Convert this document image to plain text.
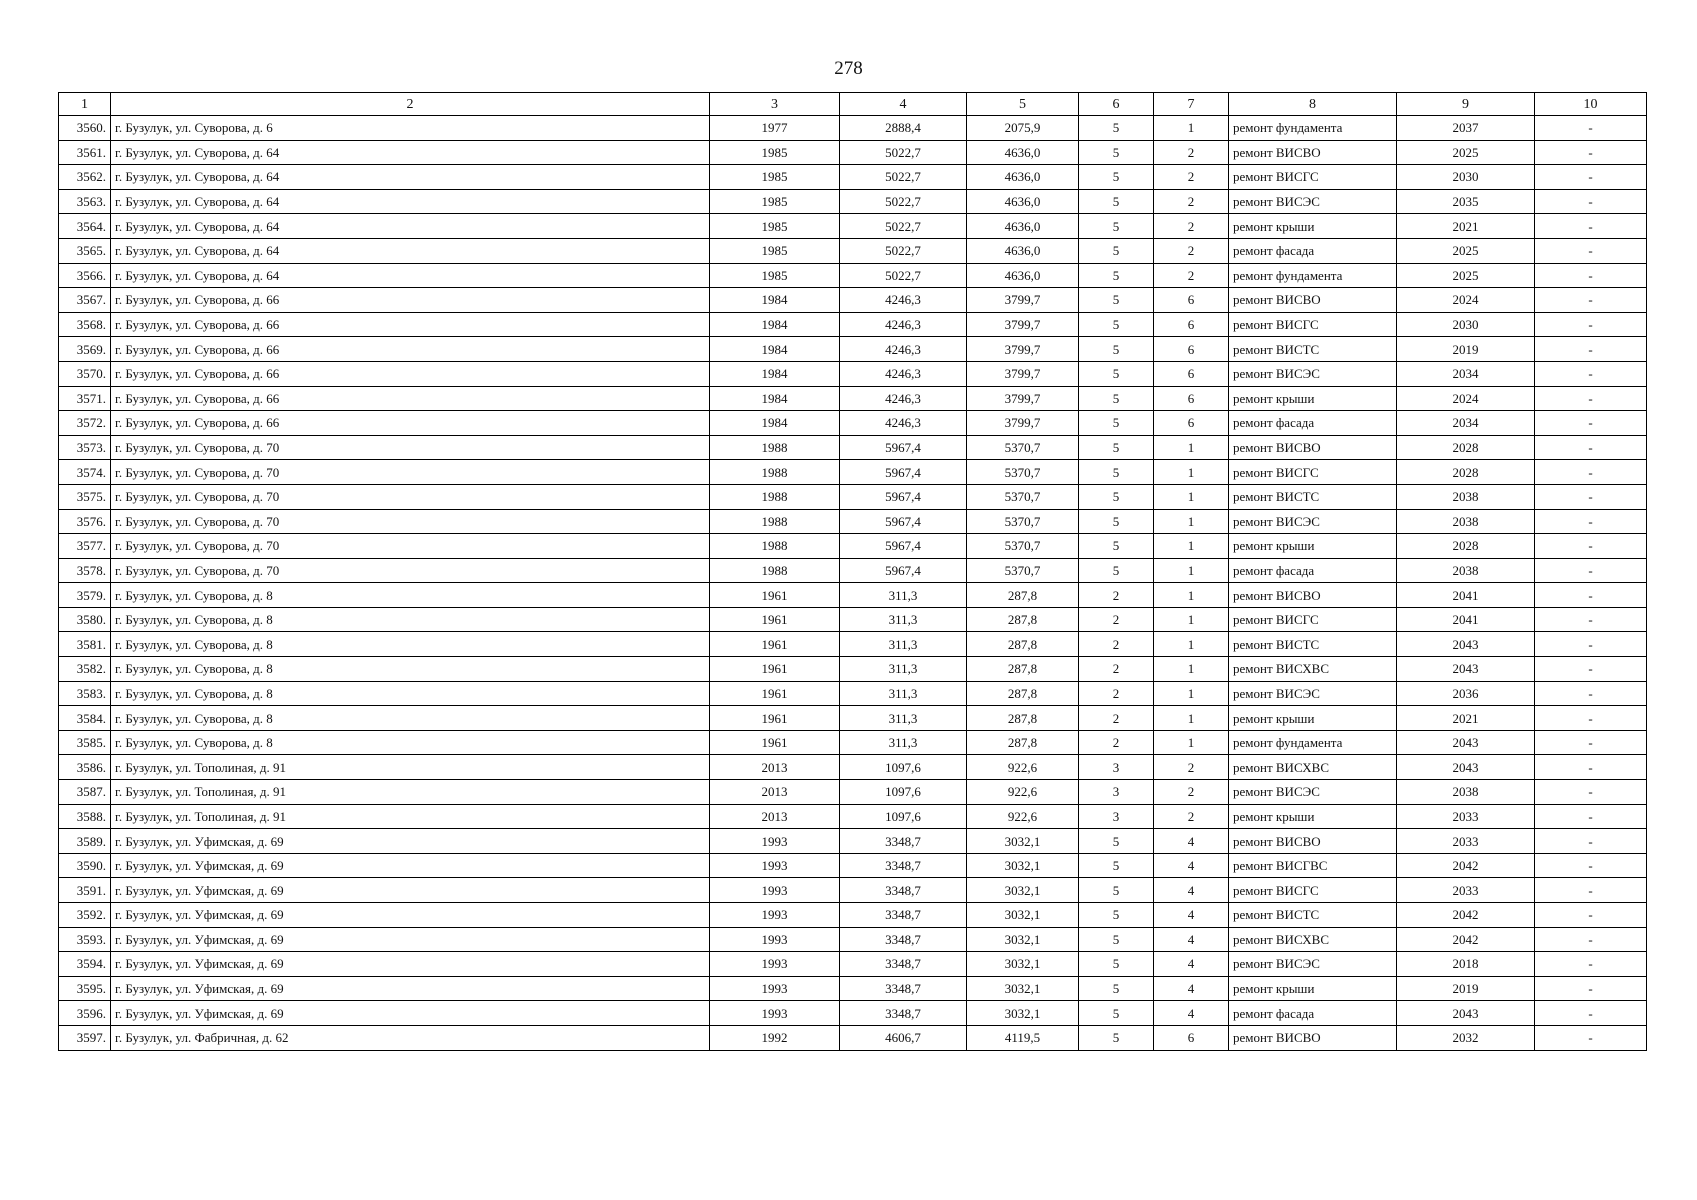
278
1	2	3	4	5	6	7	8	9	10
3560.	г. Бузулук, ул. Суворова, д. 6	1977	2888,4	2075,9	5	1	ремонт фундамента	2037	-
3561.	г. Бузулук, ул. Суворова, д. 64	1985	5022,7	4636,0	5	2	ремонт ВИСВО	2025	-
3562.	г. Бузулук, ул. Суворова, д. 64	1985	5022,7	4636,0	5	2	ремонт ВИСГС	2030	-
3563.	г. Бузулук, ул. Суворова, д. 64	1985	5022,7	4636,0	5	2	ремонт ВИСЭС	2035	-
3564.	г. Бузулук, ул. Суворова, д. 64	1985	5022,7	4636,0	5	2	ремонт крыши	2021	-
3565.	г. Бузулук, ул. Суворова, д. 64	1985	5022,7	4636,0	5	2	ремонт фасада	2025	-
3566.	г. Бузулук, ул. Суворова, д. 64	1985	5022,7	4636,0	5	2	ремонт фундамента	2025	-
3567.	г. Бузулук, ул. Суворова, д. 66	1984	4246,3	3799,7	5	6	ремонт ВИСВО	2024	-
3568.	г. Бузулук, ул. Суворова, д. 66	1984	4246,3	3799,7	5	6	ремонт ВИСГС	2030	-
3569.	г. Бузулук, ул. Суворова, д. 66	1984	4246,3	3799,7	5	6	ремонт ВИСТС	2019	-
3570.	г. Бузулук, ул. Суворова, д. 66	1984	4246,3	3799,7	5	6	ремонт ВИСЭС	2034	-
3571.	г. Бузулук, ул. Суворова, д. 66	1984	4246,3	3799,7	5	6	ремонт крыши	2024	-
3572.	г. Бузулук, ул. Суворова, д. 66	1984	4246,3	3799,7	5	6	ремонт фасада	2034	-
3573.	г. Бузулук, ул. Суворова, д. 70	1988	5967,4	5370,7	5	1	ремонт ВИСВО	2028	-
3574.	г. Бузулук, ул. Суворова, д. 70	1988	5967,4	5370,7	5	1	ремонт ВИСГС	2028	-
3575.	г. Бузулук, ул. Суворова, д. 70	1988	5967,4	5370,7	5	1	ремонт ВИСТС	2038	-
3576.	г. Бузулук, ул. Суворова, д. 70	1988	5967,4	5370,7	5	1	ремонт ВИСЭС	2038	-
3577.	г. Бузулук, ул. Суворова, д. 70	1988	5967,4	5370,7	5	1	ремонт крыши	2028	-
3578.	г. Бузулук, ул. Суворова, д. 70	1988	5967,4	5370,7	5	1	ремонт фасада	2038	-
3579.	г. Бузулук, ул. Суворова, д. 8	1961	311,3	287,8	2	1	ремонт ВИСВО	2041	-
3580.	г. Бузулук, ул. Суворова, д. 8	1961	311,3	287,8	2	1	ремонт ВИСГС	2041	-
3581.	г. Бузулук, ул. Суворова, д. 8	1961	311,3	287,8	2	1	ремонт ВИСТС	2043	-
3582.	г. Бузулук, ул. Суворова, д. 8	1961	311,3	287,8	2	1	ремонт ВИСХВС	2043	-
3583.	г. Бузулук, ул. Суворова, д. 8	1961	311,3	287,8	2	1	ремонт ВИСЭС	2036	-
3584.	г. Бузулук, ул. Суворова, д. 8	1961	311,3	287,8	2	1	ремонт крыши	2021	-
3585.	г. Бузулук, ул. Суворова, д. 8	1961	311,3	287,8	2	1	ремонт фундамента	2043	-
3586.	г. Бузулук, ул. Тополиная, д. 91	2013	1097,6	922,6	3	2	ремонт ВИСХВС	2043	-
3587.	г. Бузулук, ул. Тополиная, д. 91	2013	1097,6	922,6	3	2	ремонт ВИСЭС	2038	-
3588.	г. Бузулук, ул. Тополиная, д. 91	2013	1097,6	922,6	3	2	ремонт крыши	2033	-
3589.	г. Бузулук, ул. Уфимская, д. 69	1993	3348,7	3032,1	5	4	ремонт ВИСВО	2033	-
3590.	г. Бузулук, ул. Уфимская, д. 69	1993	3348,7	3032,1	5	4	ремонт ВИСГВС	2042	-
3591.	г. Бузулук, ул. Уфимская, д. 69	1993	3348,7	3032,1	5	4	ремонт ВИСГС	2033	-
3592.	г. Бузулук, ул. Уфимская, д. 69	1993	3348,7	3032,1	5	4	ремонт ВИСТС	2042	-
3593.	г. Бузулук, ул. Уфимская, д. 69	1993	3348,7	3032,1	5	4	ремонт ВИСХВС	2042	-
3594.	г. Бузулук, ул. Уфимская, д. 69	1993	3348,7	3032,1	5	4	ремонт ВИСЭС	2018	-
3595.	г. Бузулук, ул. Уфимская, д. 69	1993	3348,7	3032,1	5	4	ремонт крыши	2019	-
3596.	г. Бузулук, ул. Уфимская, д. 69	1993	3348,7	3032,1	5	4	ремонт фасада	2043	-
3597.	г. Бузулук, ул. Фабричная, д. 62	1992	4606,7	4119,5	5	6	ремонт ВИСВО	2032	-
